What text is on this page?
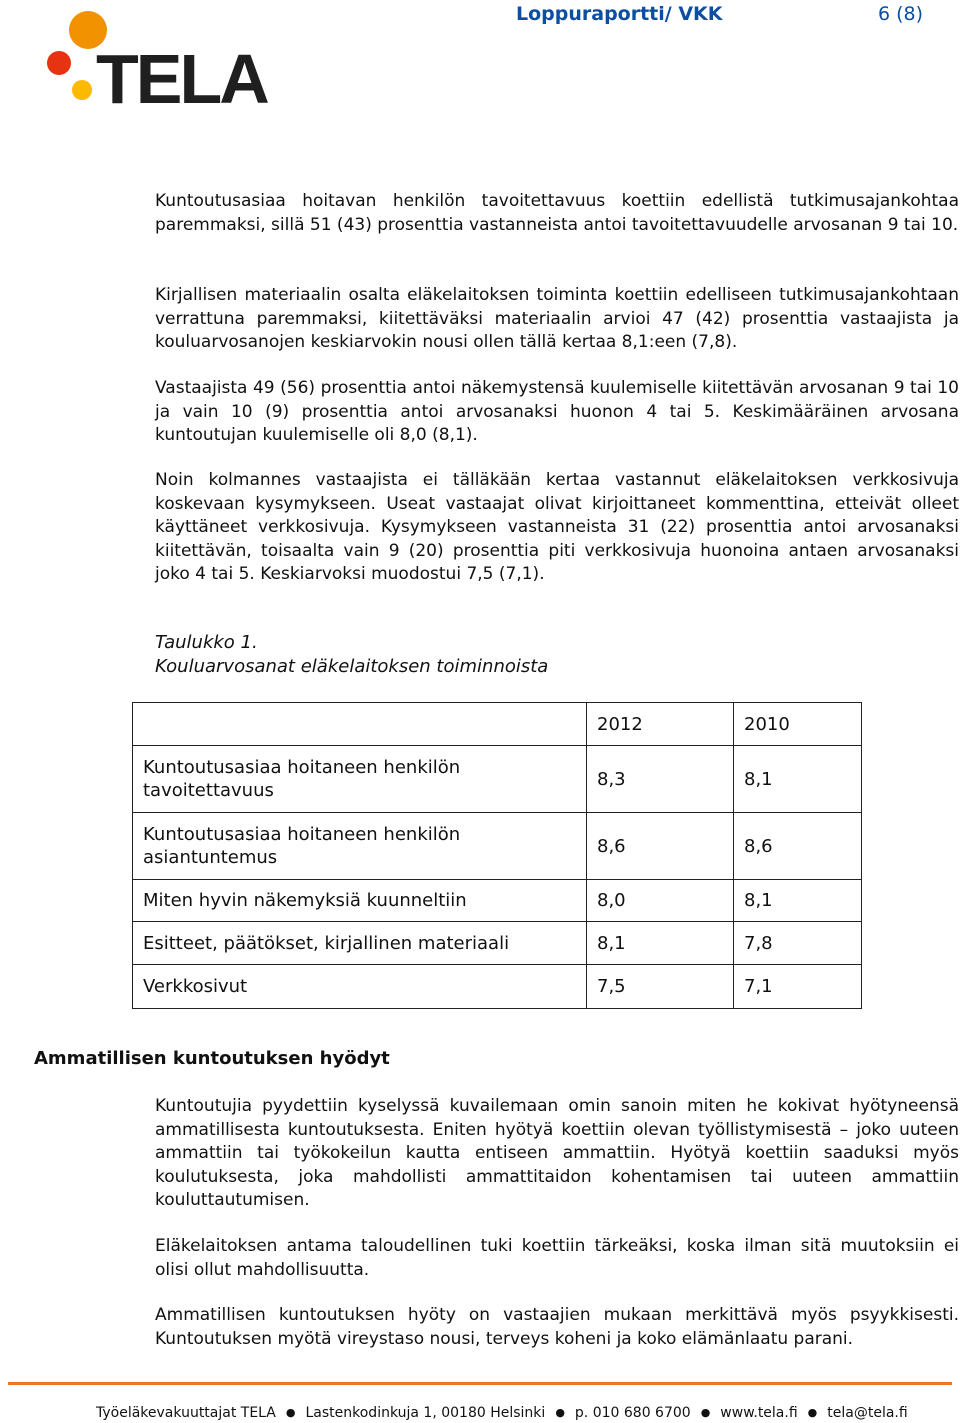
Loppuraportti/ VKK	6 (8)
TELA

Kuntoutusasiaa hoitavan henkilön tavoitettavuus koettiin edellistä tutkimusajankohtaa paremmaksi, sillä 51 (43) prosenttia vastanneista antoi tavoitettavuudelle arvosanan 9 tai 10.

Kirjallisen materiaalin osalta eläkelaitoksen toiminta koettiin edelliseen tutkimusajankohtaan verrattuna paremmaksi, kiitettäväksi materiaalin arvioi 47 (42) prosenttia vastaajista ja kouluarvosanojen keskiarvokin nousi ollen tällä kertaa 8,1:een (7,8).

Vastaajista 49 (56) prosenttia antoi näkemystensä kuulemiselle kiitettävän arvosanan 9 tai 10 ja vain 10 (9) prosenttia antoi arvosanaksi huonon 4 tai 5. Keskimääräinen arvosana kuntoutujan kuulemiselle oli 8,0 (8,1).

Noin kolmannes vastaajista ei tälläkään kertaa vastannut eläkelaitoksen verkkosivuja koskevaan kysymykseen. Useat vastaajat olivat kirjoittaneet kommenttina, etteivät olleet käyttäneet verkkosivuja. Kysymykseen vastanneista 31 (22) prosenttia antoi arvosanaksi kiitettävän, toisaalta vain 9 (20) prosenttia piti verkkosivuja huonoina antaen arvosanaksi joko 4 tai 5. Keskiarvoksi muodostui 7,5 (7,1).

Taulukko 1.
Kouluarvosanat eläkelaitoksen toiminnoista
	2012	2010
Kuntoutusasiaa hoitaneen henkilön tavoitettavuus	8,3	8,1
Kuntoutusasiaa hoitaneen henkilön asiantuntemus	8,6	8,6
Miten hyvin näkemyksiä kuunneltiin	8,0	8,1
Esitteet, päätökset, kirjallinen materiaali	8,1	7,8
Verkkosivut	7,5	7,1
Ammatillisen kuntoutuksen hyödyt

Kuntoutujia pyydettiin kyselyssä kuvailemaan omin sanoin miten he kokivat hyötyneensä ammatillisesta kuntoutuksesta. Eniten hyötyä koettiin olevan työllistymisestä – joko uuteen ammattiin tai työkokeilun kautta entiseen ammattiin. Hyötyä koettiin saaduksi myös koulutuksesta, joka mahdollisti ammattitaidon kohentamisen tai uuteen ammattiin kouluttautumisen.

Eläkelaitoksen antama taloudellinen tuki koettiin tärkeäksi, koska ilman sitä muutoksiin ei olisi ollut mahdollisuutta.

Ammatillisen kuntoutuksen hyöty on vastaajien mukaan merkittävä myös psyykkisesti. Kuntoutuksen myötä vireystaso nousi, terveys koheni ja koko elämänlaatu parani.

Työeläkevakuuttajat TELA ● Lastenkodinkuja 1, 00180 Helsinki ● p. 010 680 6700 ● www.tela.fi ● tela@tela.fi
